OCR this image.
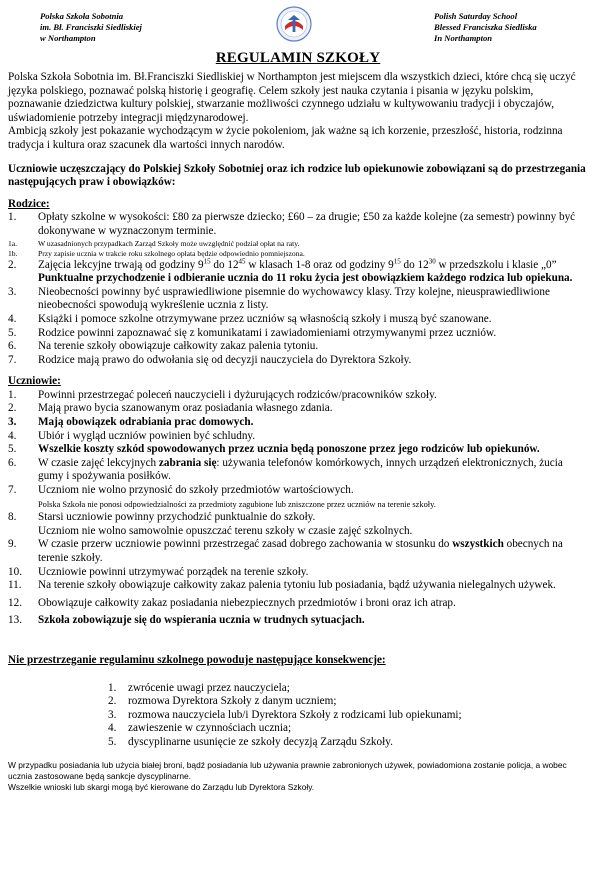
Polska Szkoła Sobotnia
im. Bł. Franciszki Siedliskiej
w Northampton
Polish Saturday School
Blessed Franciszka Siedliska
In Northampton
REGULAMIN SZKOŁY

Polska Szkoła Sobotnia im. Bł.Franciszki Siedliskiej w Northampton jest miejscem dla wszystkich dzieci, które chcą się uczyć języka polskiego, poznawać polską historię i geografię. Celem szkoły jest nauka czytania i pisania w języku polskim, poznawanie dziedzictwa kultury polskiej, stwarzanie możliwości czynnego udziału w kultywowaniu tradycji i obyczajów, uświadomienie potrzeby integracji międzynarodowej.

Ambicją szkoły jest pokazanie wychodzącym w życie pokoleniom, jak ważne są ich korzenie, przeszłość, historia, rodzinna tradycja i kultura oraz szacunek dla wartości innych narodów.

Uczniowie uczęszczający do Polskiej Szkoły Sobotniej oraz ich rodzice lub opiekunowie zobowiązani są do przestrzegania następujących praw i obowiązków:

Rodzice:

1.	Opłaty szkolne w wysokości: £80 za pierwsze dziecko; £60 – za drugie; £50 za każde kolejne (za semestr) powinny być dokonywane w wyznaczonym terminie.
1a.	W uzasadnionych przypadkach Zarząd Szkoły może uwzględnić podział opłat na raty.
1b.	Przy zapisie ucznia w trakcie roku szkolnego opłata będzie odpowiednio pomniejszona.
2.	Zajęcia lekcyjne trwają od godziny $9^{15}$ do $12^{45}$ w klasach 1-8 oraz od godziny $9^{15}$ do $12^{30}$ w przedszkolu i klasie „0”
Punktualne przychodzenie i odbieranie ucznia do 11 roku życia jest obowiązkiem każdego rodzica lub opiekuna.
3.	Nieobecności powinny być usprawiedliwione pisemnie do wychowawcy klasy. Trzy kolejne, nieusprawiedliwione nieobecności spowodują wykreślenie ucznia z listy.
4.	Książki i pomoce szkolne otrzymywane przez uczniów są własnością szkoły i muszą być szanowane.
5.	Rodzice powinni zapoznawać się z komunikatami i zawiadomieniami otrzymywanymi przez uczniów.
6.	Na terenie szkoły obowiązuje całkowity zakaz palenia tytoniu.
7.	Rodzice mają prawo do odwołania się od decyzji nauczyciela do Dyrektora Szkoły.

Uczniowie:

1.	Powinni przestrzegać poleceń nauczycieli i dyżurujących rodziców/pracowników szkoły.
2.	Mają prawo bycia szanowanym oraz posiadania własnego zdania.
3.	Mają obowiązek odrabiania prac domowych.
4.	Ubiór i wygląd uczniów powinien być schludny.
5.	Wszelkie koszty szkód spowodowanych przez ucznia będą ponoszone przez jego rodziców lub opiekunów.
6.	W czasie zajęć lekcyjnych zabrania się: używania telefonów komórkowych, innych urządzeń elektronicznych, żucia gumy i spożywania posiłków.
7.	Uczniom nie wolno przynosić do szkoły przedmiotów wartościowych.
Polska Szkoła nie ponosi odpowiedzialności za przedmioty zagubione lub zniszczone przez uczniów na terenie szkoły.
8.	Starsi uczniowie powinny przychodzić punktualnie do szkoły.
Uczniom nie wolno samowolnie opuszczać terenu szkoły w czasie zajęć szkolnych.
9.	W czasie przerw uczniowie powinni przestrzegać zasad dobrego zachowania w stosunku do wszystkich obecnych na terenie szkoły.
10.	Uczniowie powinni utrzymywać porządek na terenie szkoły.
11.	Na terenie szkoły obowiązuje całkowity zakaz palenia tytoniu lub posiadania, bądź używania nielegalnych używek.
12.	Obowiązuje całkowity zakaz posiadania niebezpiecznych przedmiotów i broni oraz ich atrap.
13.	Szkoła zobowiązuje się do wspierania ucznia w trudnych sytuacjach.

Nie przestrzeganie regulaminu szkolnego powoduje następujące konsekwencje:

1.	zwrócenie uwagi przez nauczyciela;
2.	rozmowa Dyrektora Szkoły z danym uczniem;
3.	rozmowa nauczyciela lub/i Dyrektora Szkoły z rodzicami lub opiekunami;
4.	zawieszenie w czynnościach ucznia;
5.	dyscyplinarne usunięcie ze szkoły decyzją Zarządu Szkoły.

W przypadku posiadania lub użycia białej broni, bądź posiadania lub używania prawnie zabronionych używek, powiadomiona zostanie policja, a wobec ucznia zastosowane będą sankcje dyscyplinarne.

Wszelkie wnioski lub skargi mogą być kierowane do Zarządu lub Dyrektora Szkoły.
